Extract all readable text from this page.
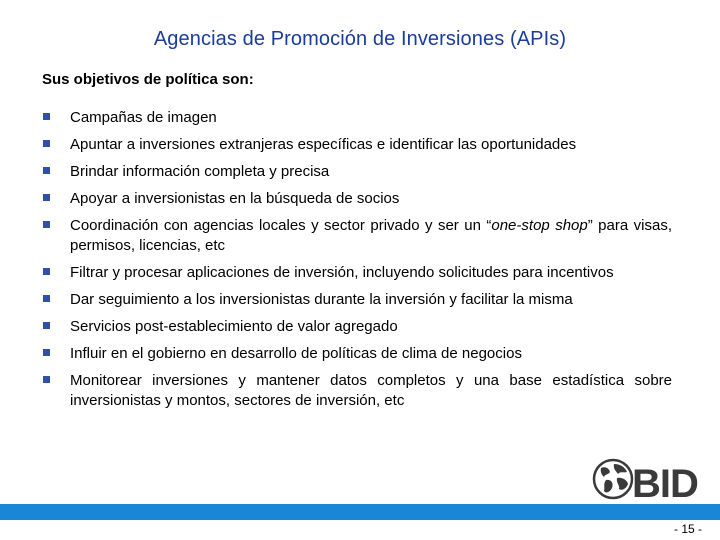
Agencias de Promoción de Inversiones (APIs)
Sus objetivos de política son:
Campañas de imagen
Apuntar a inversiones extranjeras específicas e identificar las oportunidades
Brindar información completa y precisa
Apoyar a inversionistas en la búsqueda de socios
Coordinación con agencias locales y sector privado y ser un “one-stop shop” para visas, permisos, licencias, etc
Filtrar y procesar aplicaciones de inversión, incluyendo solicitudes para incentivos
Dar seguimiento a los inversionistas durante la inversión y facilitar la misma
Servicios post-establecimiento de valor agregado
Influir en el gobierno en desarrollo de políticas de clima de negocios
Monitorear inversiones y mantener datos completos y una base estadística sobre inversionistas y montos, sectores de inversión, etc
BID
- 15 -
